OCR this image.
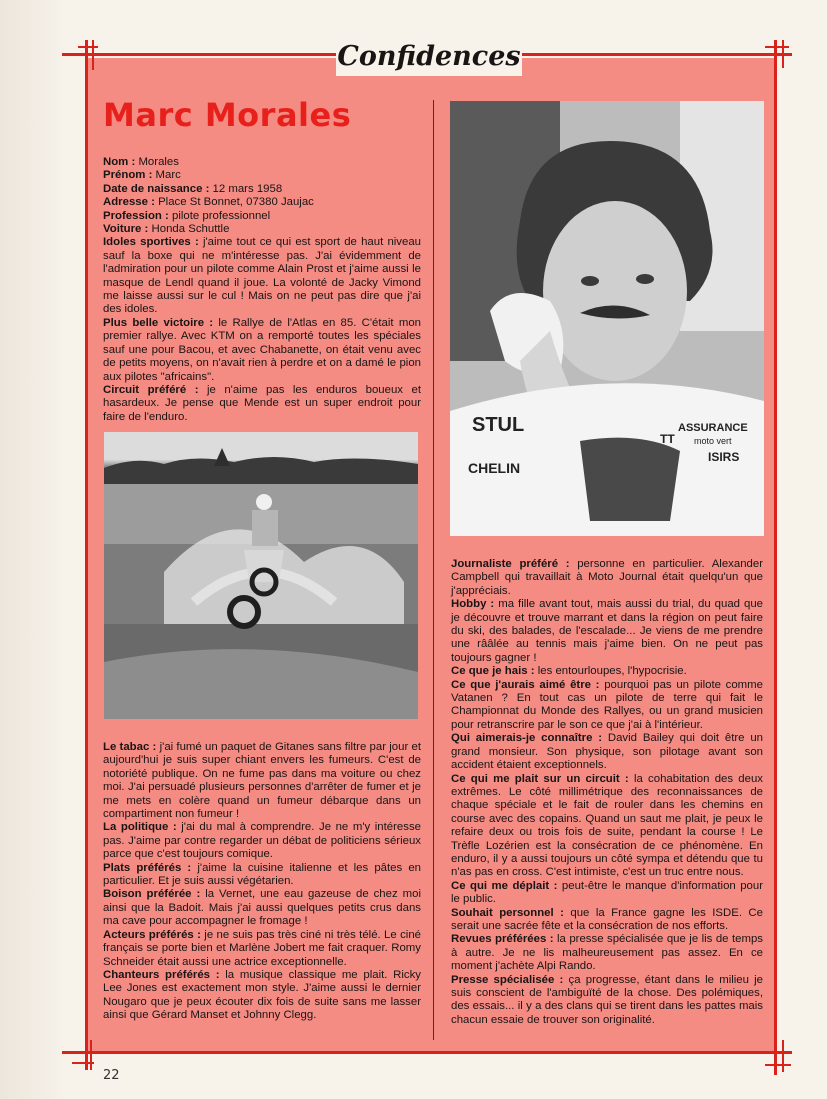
Confidences
Marc Morales

Nom : Morales

Prénom : Marc

Date de naissance : 12 mars 1958

Adresse : Place St Bonnet, 07380 Jaujac

Profession : pilote professionnel

Voiture : Honda Schuttle

Idoles sportives : j'aime tout ce qui est sport de haut niveau sauf la boxe qui ne m'intéresse pas. J'ai évidemment de l'admiration pour un pilote comme Alain Prost et j'aime aussi le masque de Lendl quand il joue. La volonté de Jacky Vimond me laisse aussi sur le cul ! Mais on ne peut pas dire que j'ai des idoles.

Plus belle victoire : le Rallye de l'Atlas en 85. C'était mon premier rallye. Avec KTM on a remporté toutes les spéciales sauf une pour Bacou, et avec Chabanette, on était venu avec de petits moyens, on n'avait rien à perdre et on a damé le pion aux pilotes "africains".

Circuit préféré : je n'aime pas les enduros boueux et hasardeux. Je pense que Mende est un super endroit pour faire de l'enduro.

Le tabac : j'ai fumé un paquet de Gitanes sans filtre par jour et aujourd'hui je suis super chiant envers les fumeurs. C'est de notoriété publique. On ne fume pas dans ma voiture ou chez moi. J'ai persuadé plusieurs personnes d'arrêter de fumer et je me mets en colère quand un fumeur débarque dans un compartiment non fumeur !

La politique : j'ai du mal à comprendre. Je ne m'y intéresse pas. J'aime par contre regarder un débat de politiciens sérieux parce que c'est toujours comique.

Plats préférés : j'aime la cuisine italienne et les pâtes en particulier. Et je suis aussi végétarien.

Boison préférée : la Vernet, une eau gazeuse de chez moi ainsi que la Badoit. Mais j'ai aussi quelques petits crus dans ma cave pour accompagner le fromage !

Acteurs préférés : je ne suis pas très ciné ni très télé. Le ciné français se porte bien et Marlène Jobert me fait craquer. Romy Schneider était aussi une actrice exceptionnelle.

Chanteurs préférés : la musique classique me plait. Ricky Lee Jones est exactement mon style. J'aime aussi le dernier Nougaro que je peux écouter dix fois de suite sans me lasser ainsi que Gérard Manset et Johnny Clegg.

STUL
CHELIN
ASSURANCE
moto vert
TT
ISIRS

Journaliste préféré : personne en particulier. Alexander Campbell qui travaillait à Moto Journal était quelqu'un que j'appréciais.

Hobby : ma fille avant tout, mais aussi du trial, du quad que je découvre et trouve marrant et dans la région on peut faire du ski, des balades, de l'escalade... Je viens de me prendre une rââlée au tennis mais j'aime bien. On ne peut pas toujours gagner !

Ce que je hais : les entourloupes, l'hypocrisie.

Ce que j'aurais aimé être : pourquoi pas un pilote comme Vatanen ? En tout cas un pilote de terre qui fait le Championnat du Monde des Rallyes, ou un grand musicien pour retranscrire par le son ce que j'ai à l'intérieur.

Qui aimerais-je connaître : David Bailey qui doit être un grand monsieur. Son physique, son pilotage avant son accident étaient exceptionnels.

Ce qui me plait sur un circuit : la cohabitation des deux extrêmes. Le côté millimétrique des reconnaissances de chaque spéciale et le fait de rouler dans les chemins en course avec des copains. Quand un saut me plait, je peux le refaire deux ou trois fois de suite, pendant la course ! Le Trèfle Lozérien est la consécration de ce phénomène. En enduro, il y a aussi toujours un côté sympa et détendu que tu n'as pas en cross. C'est intimiste, c'est un truc entre nous.

Ce qui me déplait : peut-être le manque d'information pour le public.

Souhait personnel : que la France gagne les ISDE. Ce serait une sacrée fête et la consécration de nos efforts.

Revues préférées : la presse spécialisée que je lis de temps à autre. Je ne lis malheureusement pas assez. En ce moment j'achète Alpi Rando.

Presse spécialisée : ça progresse, étant dans le milieu je suis conscient de l'ambiguïté de la chose. Des polémiques, des essais... il y a des clans qui se tirent dans les pattes mais chacun essaie de trouver son originalité.

22
